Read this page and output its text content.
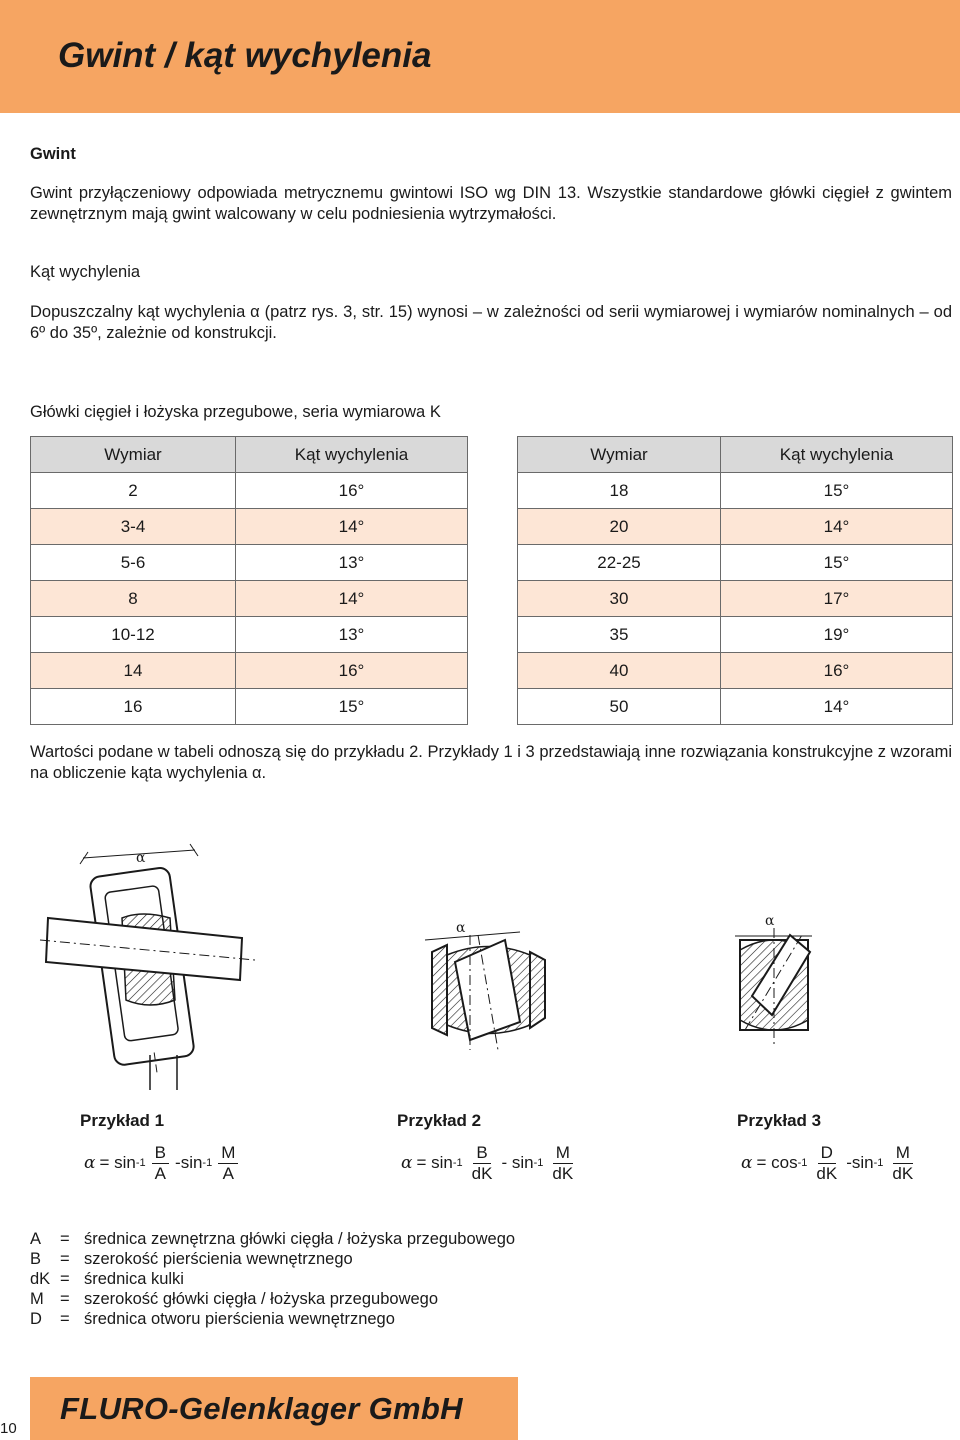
Gwint / kąt wychylenia
Gwint
Gwint przyłączeniowy odpowiada metrycznemu gwintowi ISO wg DIN 13. Wszystkie standardowe główki cięgieł z gwintem zewnętrznym mają gwint walcowany w celu podniesienia wytrzymałości.
Kąt wychylenia
Dopuszczalny kąt wychylenia α (patrz rys. 3, str. 15) wynosi – w zależności od serii wymiarowej i wymiarów nominalnych – od 6º do 35º, zależnie od konstrukcji.
Główki cięgieł i łożyska przegubowe, seria wymiarowa K
Wymiar	Kąt wychylenia
2	16°
3-4	14°
5-6	13°
8	14°
10-12	13°
14	16°
16	15°
Wymiar	Kąt wychylenia
18	15°
20	14°
22-25	15°
30	17°
35	19°
40	16°
50	14°
Wartości podane w tabeli odnoszą się do przykładu 2. Przykłady 1 i 3 przedstawiają inne rozwiązania konstrukcyjne z wzorami na obliczenie kąta wychylenia α.
α
α	α
Przykład 1
α =
$\sin -1 \frac{B}{A}$ - $\sin -1 \frac{M}{A}$
Przykład 2
α =
$\sin -1 \frac{B}{dK}$ -
$\sin -1 \frac{M}{dK}$
Przykład 3
α =
$\cos -1 \frac{D}{dK}$ - $\sin -1 \frac{M}{dK}$
A	= średnica zewnętrzna główki cięgła / łożyska przegubowego
B	= szerokość pierścienia wewnętrznego
dK = średnica kulki
M = szerokość główki cięgła / łożyska przegubowego
D	= średnica otworu pierścienia wewnętrznego
FLURO-Gelenklager GmbH
10
